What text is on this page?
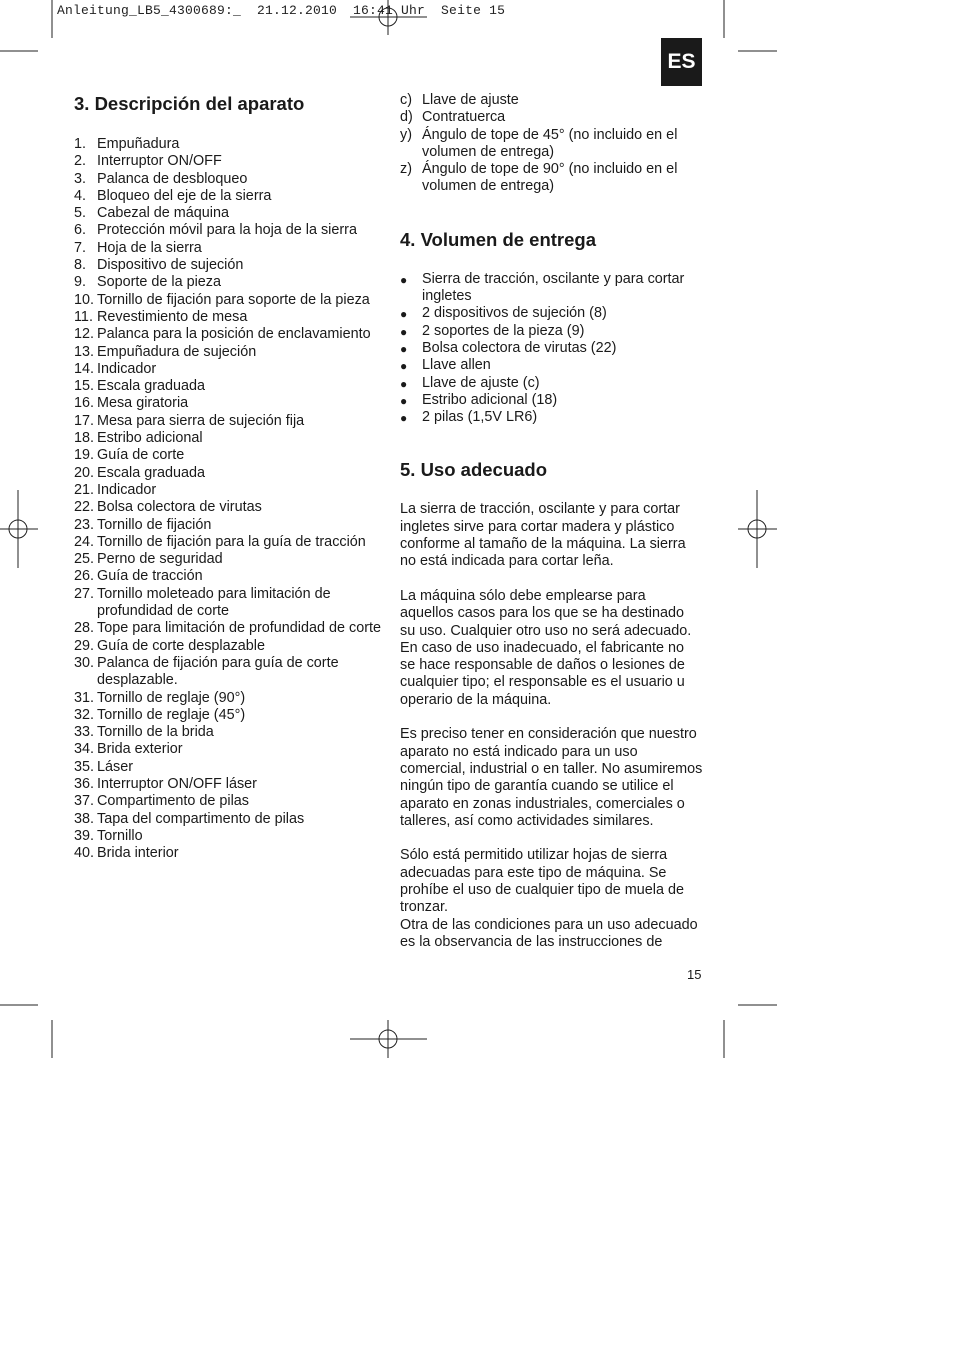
Anleitung_LB5_4300689:_  21.12.2010  16:41 Uhr  Seite 15
ES
3. Descripción del aparato
1. Empuñadura
2. Interruptor ON/OFF
3. Palanca de desbloqueo
4. Bloqueo del eje de la sierra
5. Cabezal de máquina
6. Protección móvil para la hoja de la sierra
7. Hoja de la sierra
8. Dispositivo de sujeción
9. Soporte de la pieza
10. Tornillo de fijación para soporte de la pieza
11. Revestimiento de mesa
12. Palanca para la posición de enclavamiento
13. Empuñadura de sujeción
14. Indicador
15. Escala graduada
16. Mesa giratoria
17. Mesa para sierra de sujeción fija
18. Estribo adicional
19. Guía de corte
20. Escala graduada
21. Indicador
22. Bolsa colectora de virutas
23. Tornillo de fijación
24. Tornillo de fijación para la guía de tracción
25. Perno de seguridad
26. Guía de tracción
27. Tornillo moleteado para limitación de profundidad de corte
28. Tope para limitación de profundidad de corte
29. Guía de corte desplazable
30. Palanca de fijación para guía de corte desplazable.
31. Tornillo de reglaje (90°)
32. Tornillo de reglaje (45°)
33. Tornillo de la brida
34. Brida exterior
35. Láser
36. Interruptor ON/OFF láser
37. Compartimento de pilas
38. Tapa del compartimento de pilas
39. Tornillo
40. Brida interior
c) Llave de ajuste
d) Contratuerca
y) Ángulo de tope de 45° (no incluido en el volumen de entrega)
z) Ángulo de tope de 90° (no incluido en el volumen de entrega)
4. Volumen de entrega
●	Sierra de tracción, oscilante y para cortar ingletes
●	2 dispositivos de sujeción (8)
●	2 soportes de la pieza (9)
●	Bolsa colectora de virutas (22)
●	Llave allen
●	Llave de ajuste (c)
●	Estribo adicional (18)
●	2 pilas (1,5V LR6)
5. Uso adecuado

La sierra de tracción, oscilante y para cortar ingletes sirve para cortar madera y plástico conforme al tamaño de la máquina. La sierra no está indicada para cortar leña.

La máquina sólo debe emplearse para aquellos casos para los que se ha destinado su uso. Cualquier otro uso no será adecuado. En caso de uso inadecuado, el fabricante no se hace responsable de daños o lesiones de cualquier tipo; el responsable es el usuario u operario de la máquina.

Es preciso tener en consideración que nuestro aparato no está indicado para un uso comercial, industrial o en taller. No asumiremos ningún tipo de garantía cuando se utilice el aparato en zonas industriales, comerciales o talleres, así como actividades similares.

Sólo está permitido utilizar hojas de sierra adecuadas para este tipo de máquina. Se prohíbe el uso de cualquier tipo de muela de tronzar.

Otra de las condiciones para un uso adecuado es la observancia de las instrucciones de

15
